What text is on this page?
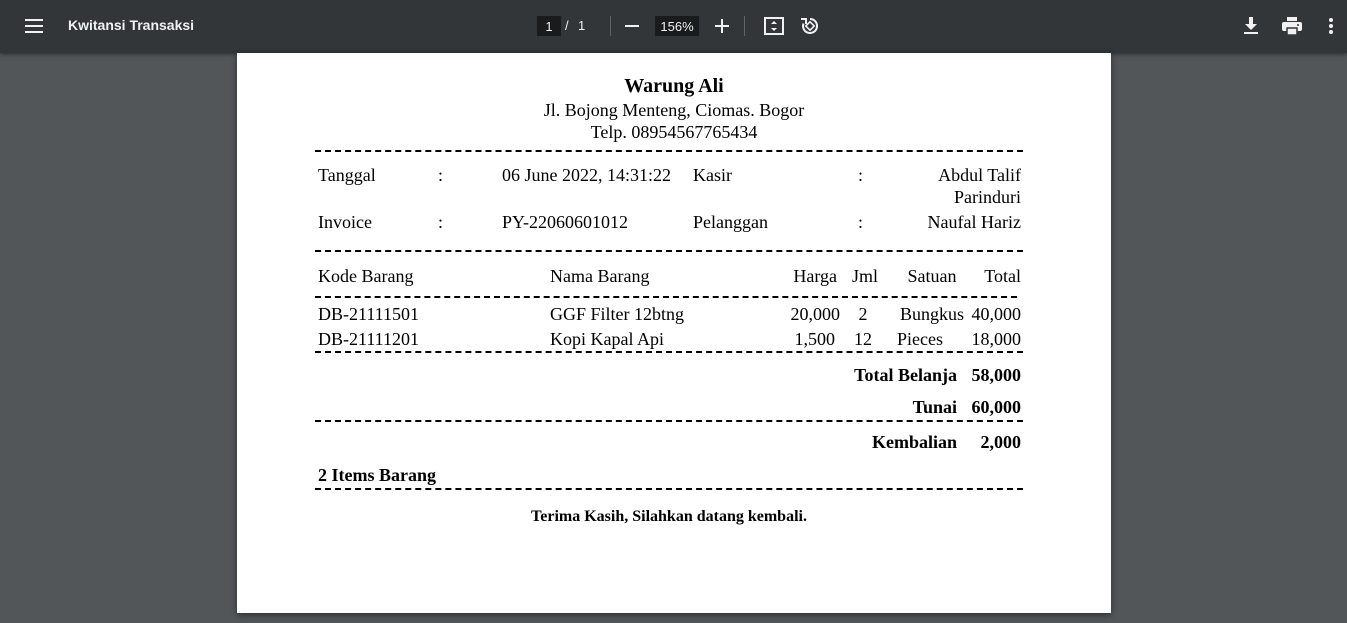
Kwitansi Transaksi	1 / 1	156%
Warung Ali
Jl. Bojong Menteng, Ciomas. Bogor
Telp. 08954567765434
Tanggal	:	06 June 2022, 14:31:22 Kasir	:	Abdul Talif
Parinduri
Invoice	:	PY-22060601012	Pelanggan	:	Naufal Hariz
Kode Barang	Nama Barang	Harga Jml	Satuan	Total
DB-21111501	GGF Filter 12btng	20,000	2	Bungkus 40,000
DB-21111201	Kopi Kapal Api	1,500	12	Pieces	18,000
Total Belanja 58,000
Tunai 60,000
Kembalian	2,000
2 Items Barang
Terima Kasih, Silahkan datang kembali.
